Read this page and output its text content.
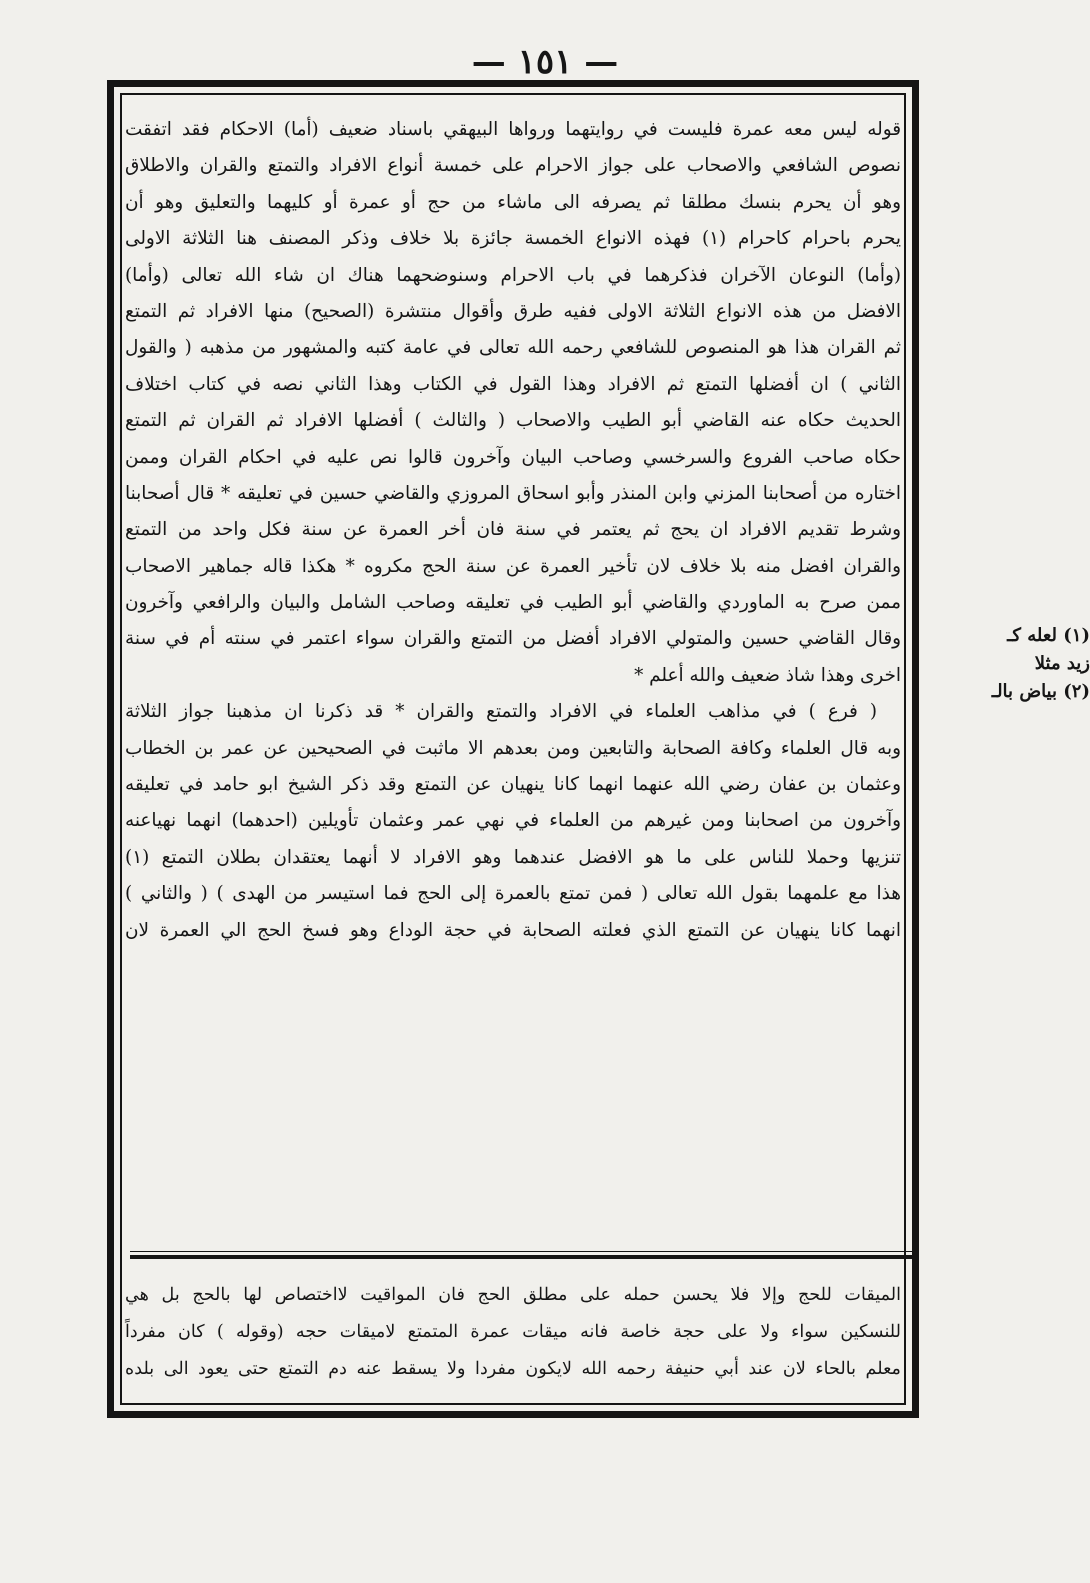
— ١٥١ —
قوله ليس معه عمرة فليست في روايتهما ورواها البيهقي باسناد ضعيف (أما) الاحكام فقد اتفقت
نصوص الشافعي والاصحاب على جواز الاحرام على خمسة أنواع الافراد والتمتع والقران والاطلاق
وهو أن يحرم بنسك مطلقا ثم يصرفه الى ماشاء من حج أو عمرة أو كليهما والتعليق وهو أن
يحرم باحرام كاحرام (١) فهذه الانواع الخمسة جائزة بلا خلاف وذكر المصنف هنا الثلاثة الاولى
(وأما) النوعان الآخران فذكرهما في باب الاحرام وسنوضحهما هناك ان شاء الله تعالى (وأما)
الافضل من هذه الانواع الثلاثة الاولى ففيه طرق وأقوال منتشرة (الصحيح) منها الافراد ثم التمتع
ثم القران هذا هو المنصوص للشافعي رحمه الله تعالى في عامة كتبه والمشهور من مذهبه ( والقول
الثاني ) ان أفضلها التمتع ثم الافراد وهذا القول في الكتاب وهذا الثاني نصه في كتاب اختلاف
الحديث حكاه عنه القاضي أبو الطيب والاصحاب ( والثالث ) أفضلها الافراد ثم القران ثم التمتع
حكاه صاحب الفروع والسرخسي وصاحب البيان وآخرون قالوا نص عليه في احكام القران وممن
اختاره من أصحابنا المزني وابن المنذر وأبو اسحاق المروزي والقاضي حسين في تعليقه * قال أصحابنا
وشرط تقديم الافراد ان يحج ثم يعتمر في سنة فان أخر العمرة عن سنة فكل واحد من التمتع
والقران افضل منه بلا خلاف لان تأخير العمرة عن سنة الحج مكروه * هكذا قاله جماهير الاصحاب
ممن صرح به الماوردي والقاضي أبو الطيب في تعليقه وصاحب الشامل والبيان والرافعي وآخرون
وقال القاضي حسين والمتولي الافراد أفضل من التمتع والقران سواء اعتمر في سنته أم في سنة
اخرى وهذا شاذ ضعيف والله أعلم *
( فرع ) في مذاهب العلماء في الافراد والتمتع والقران * قد ذكرنا ان مذهبنا جواز الثلاثة
وبه قال العلماء وكافة الصحابة والتابعين ومن بعدهم الا ماثبت في الصحيحين عن عمر بن الخطاب
وعثمان بن عفان رضي الله عنهما انهما كانا ينهيان عن التمتع وقد ذكر الشيخ ابو حامد في تعليقه
وآخرون من اصحابنا ومن غيرهم من العلماء في نهي عمر وعثمان تأويلين (احدهما) انهما نهياعنه
تنزيها وحملا للناس على ما هو الافضل عندهما وهو الافراد لا أنهما يعتقدان بطلان التمتع (١)
هذا مع علمهما بقول الله تعالى ( فمن تمتع بالعمرة إلى الحج فما استيسر من الهدى ) ( والثاني )
انهما كانا ينهيان عن التمتع الذي فعلته الصحابة في حجة الوداع وهو فسخ الحج الي العمرة لان
الميقات للحج وإلا فلا يحسن حمله على مطلق الحج فان المواقيت لااختصاص لها بالحج بل هي
للنسكين سواء ولا على حجة خاصة فانه ميقات عمرة المتمتع لاميقات حجه (وقوله ) كان مفرداً
معلم بالحاء لان عند أبي حنيفة رحمه الله لايكون مفردا ولا يسقط عنه دم التمتع حتى يعود الى بلده
(١) لعله كـ
زيد مثلا
(٢) بياض بالـ
